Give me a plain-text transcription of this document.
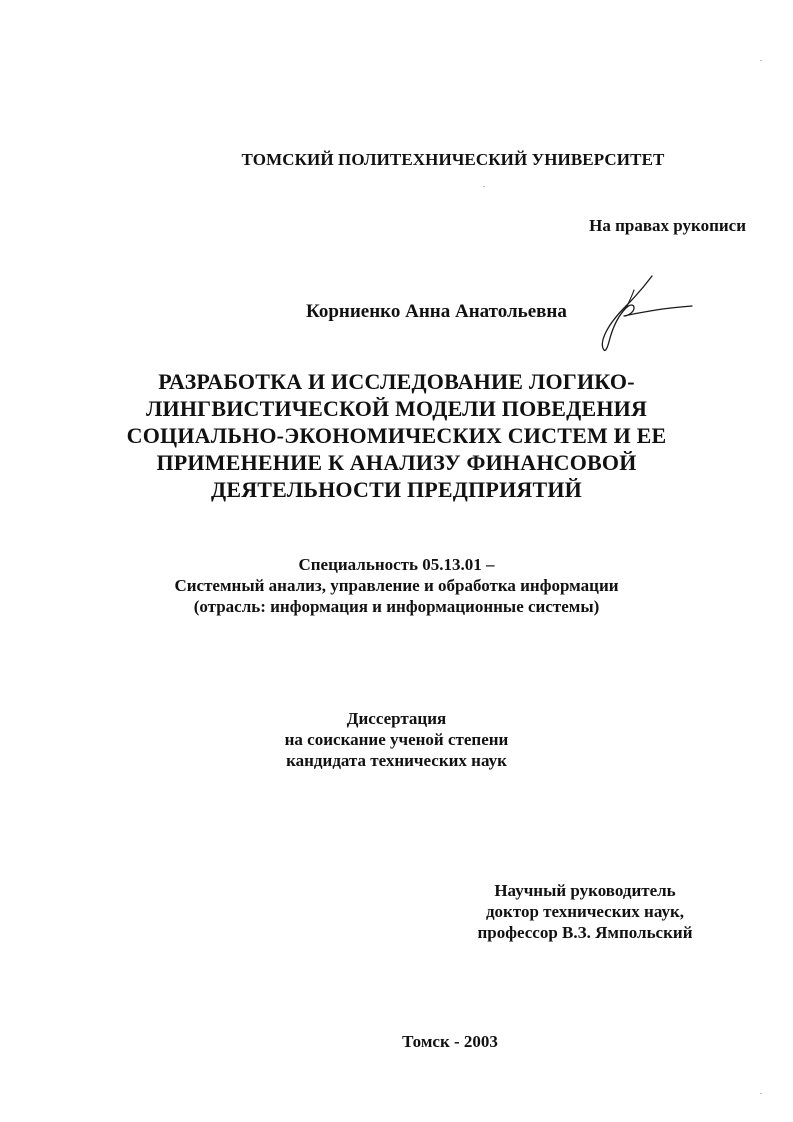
ТОМСКИЙ ПОЛИТЕХНИЧЕСКИЙ УНИВЕРСИТЕТ
На правах рукописи
Корниенко Анна Анатольевна
РАЗРАБОТКА И ИССЛЕДОВАНИЕ ЛОГИКО-
ЛИНГВИСТИЧЕСКОЙ МОДЕЛИ ПОВЕДЕНИЯ
СОЦИАЛЬНО-ЭКОНОМИЧЕСКИХ СИСТЕМ И ЕЕ
ПРИМЕНЕНИЕ К АНАЛИЗУ ФИНАНСОВОЙ
ДЕЯТЕЛЬНОСТИ ПРЕДПРИЯТИЙ
Специальность 05.13.01 –
Системный анализ, управление и обработка информации
(отрасль: информация и информационные системы)
Диссертация
на соискание ученой степени
кандидата технических наук
Научный руководитель
доктор технических наук,
профессор В.З. Ямпольский
Томск - 2003
